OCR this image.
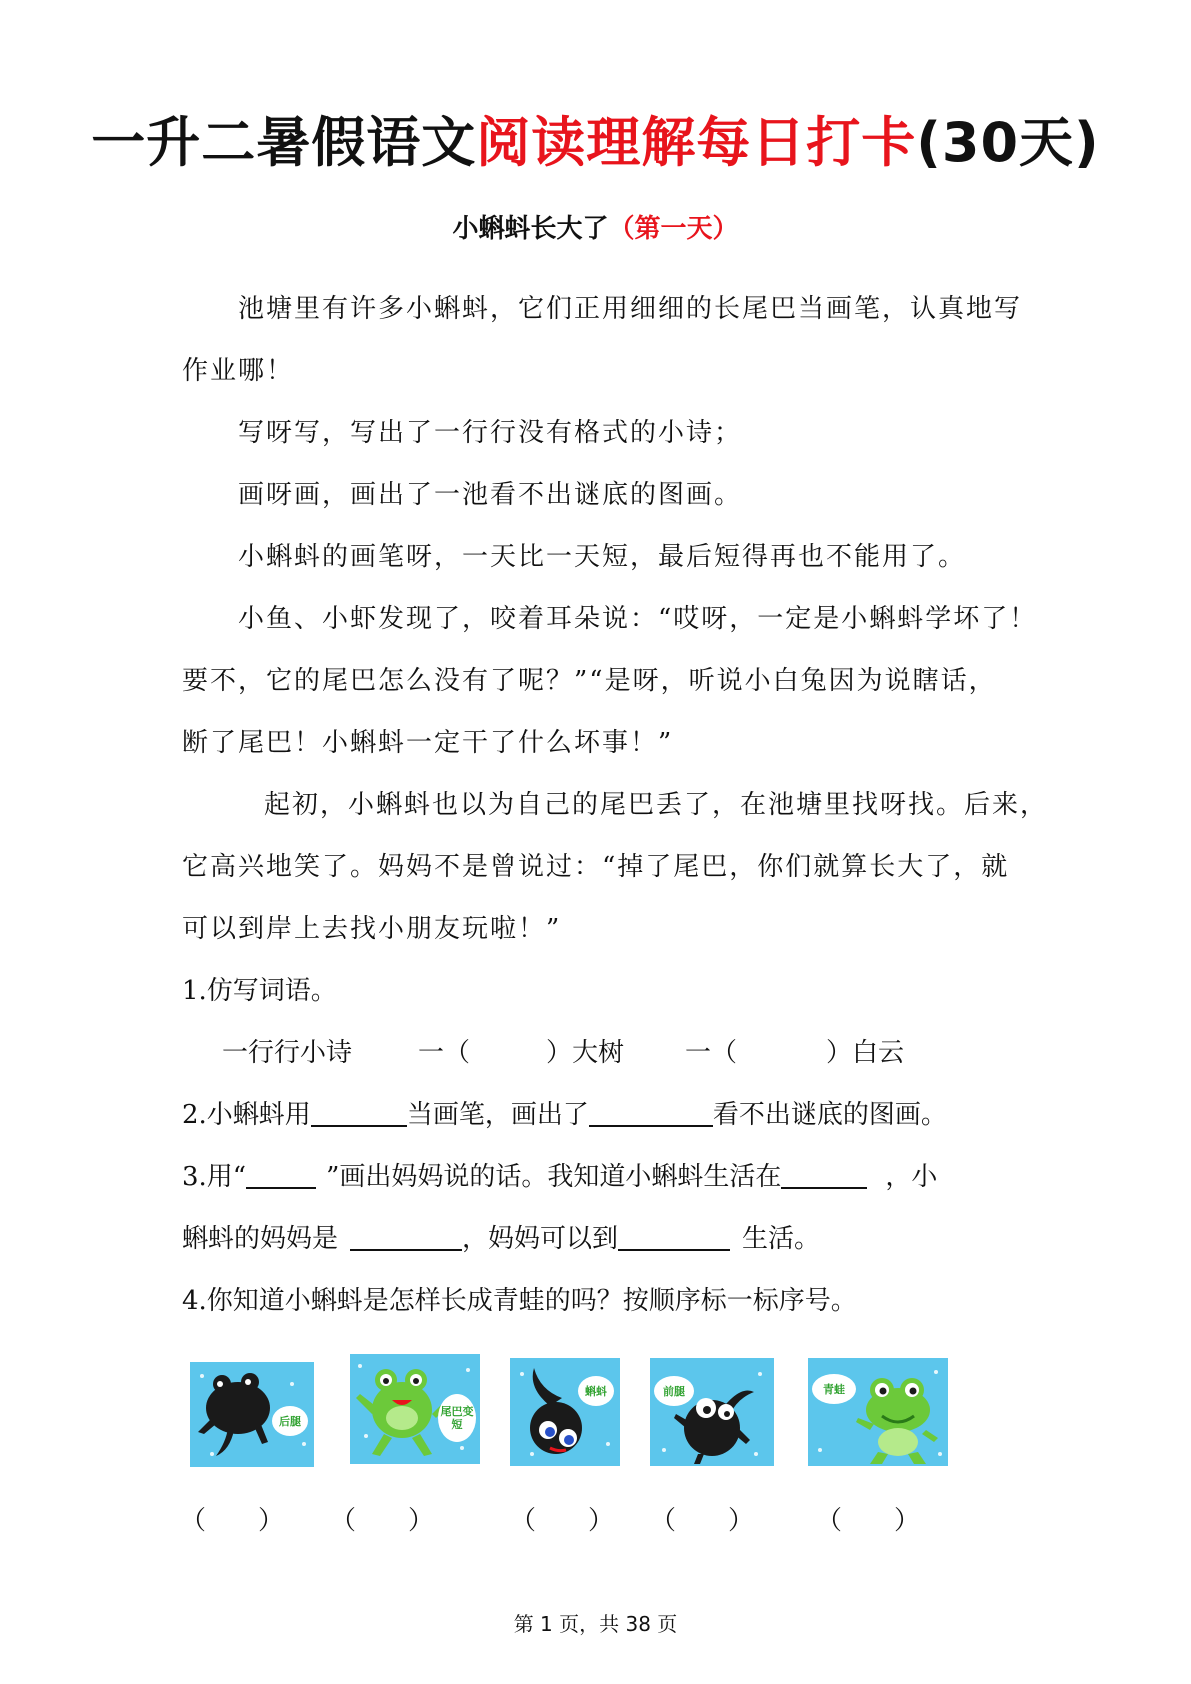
一升二暑假语文阅读理解每日打卡(30天)
小蝌蚪长大了（第一天）
池塘里有许多小蝌蚪，它们正用细细的长尾巴当画笔，认真地写
作业哪！
写呀写，写出了一行行没有格式的小诗；
画呀画，画出了一池看不出谜底的图画。
小蝌蚪的画笔呀，一天比一天短，最后短得再也不能用了。
小鱼、小虾发现了，咬着耳朵说：“哎呀，一定是小蝌蚪学坏了！
要不，它的尾巴怎么没有了呢？”“是呀，听说小白兔因为说瞎话，
断了尾巴！小蝌蚪一定干了什么坏事！”
起初，小蝌蚪也以为自己的尾巴丢了，在池塘里找呀找。后来，
它高兴地笑了。妈妈不是曾说过：“掉了尾巴，你们就算长大了，就
可以到岸上去找小朋友玩啦！”
1.仿写词语。
一行行小诗	一（	）大树 一（	）白云
2.小蝌蚪用	当画笔，画出了	看不出谜底的图画。
3.用“	”画出妈妈说的话。我知道小蝌蚪生活在	，小
蝌蚪的妈妈是	，妈妈可以到	生活。
4.你知道小蝌蚪是怎样长成青蛙的吗？按顺序标一标序号。
后腿
尾巴变短
蝌蚪	前腿	青蛙
（　　） （　　）	（　　） （　　） （　　）
第 1 页，共 38 页
